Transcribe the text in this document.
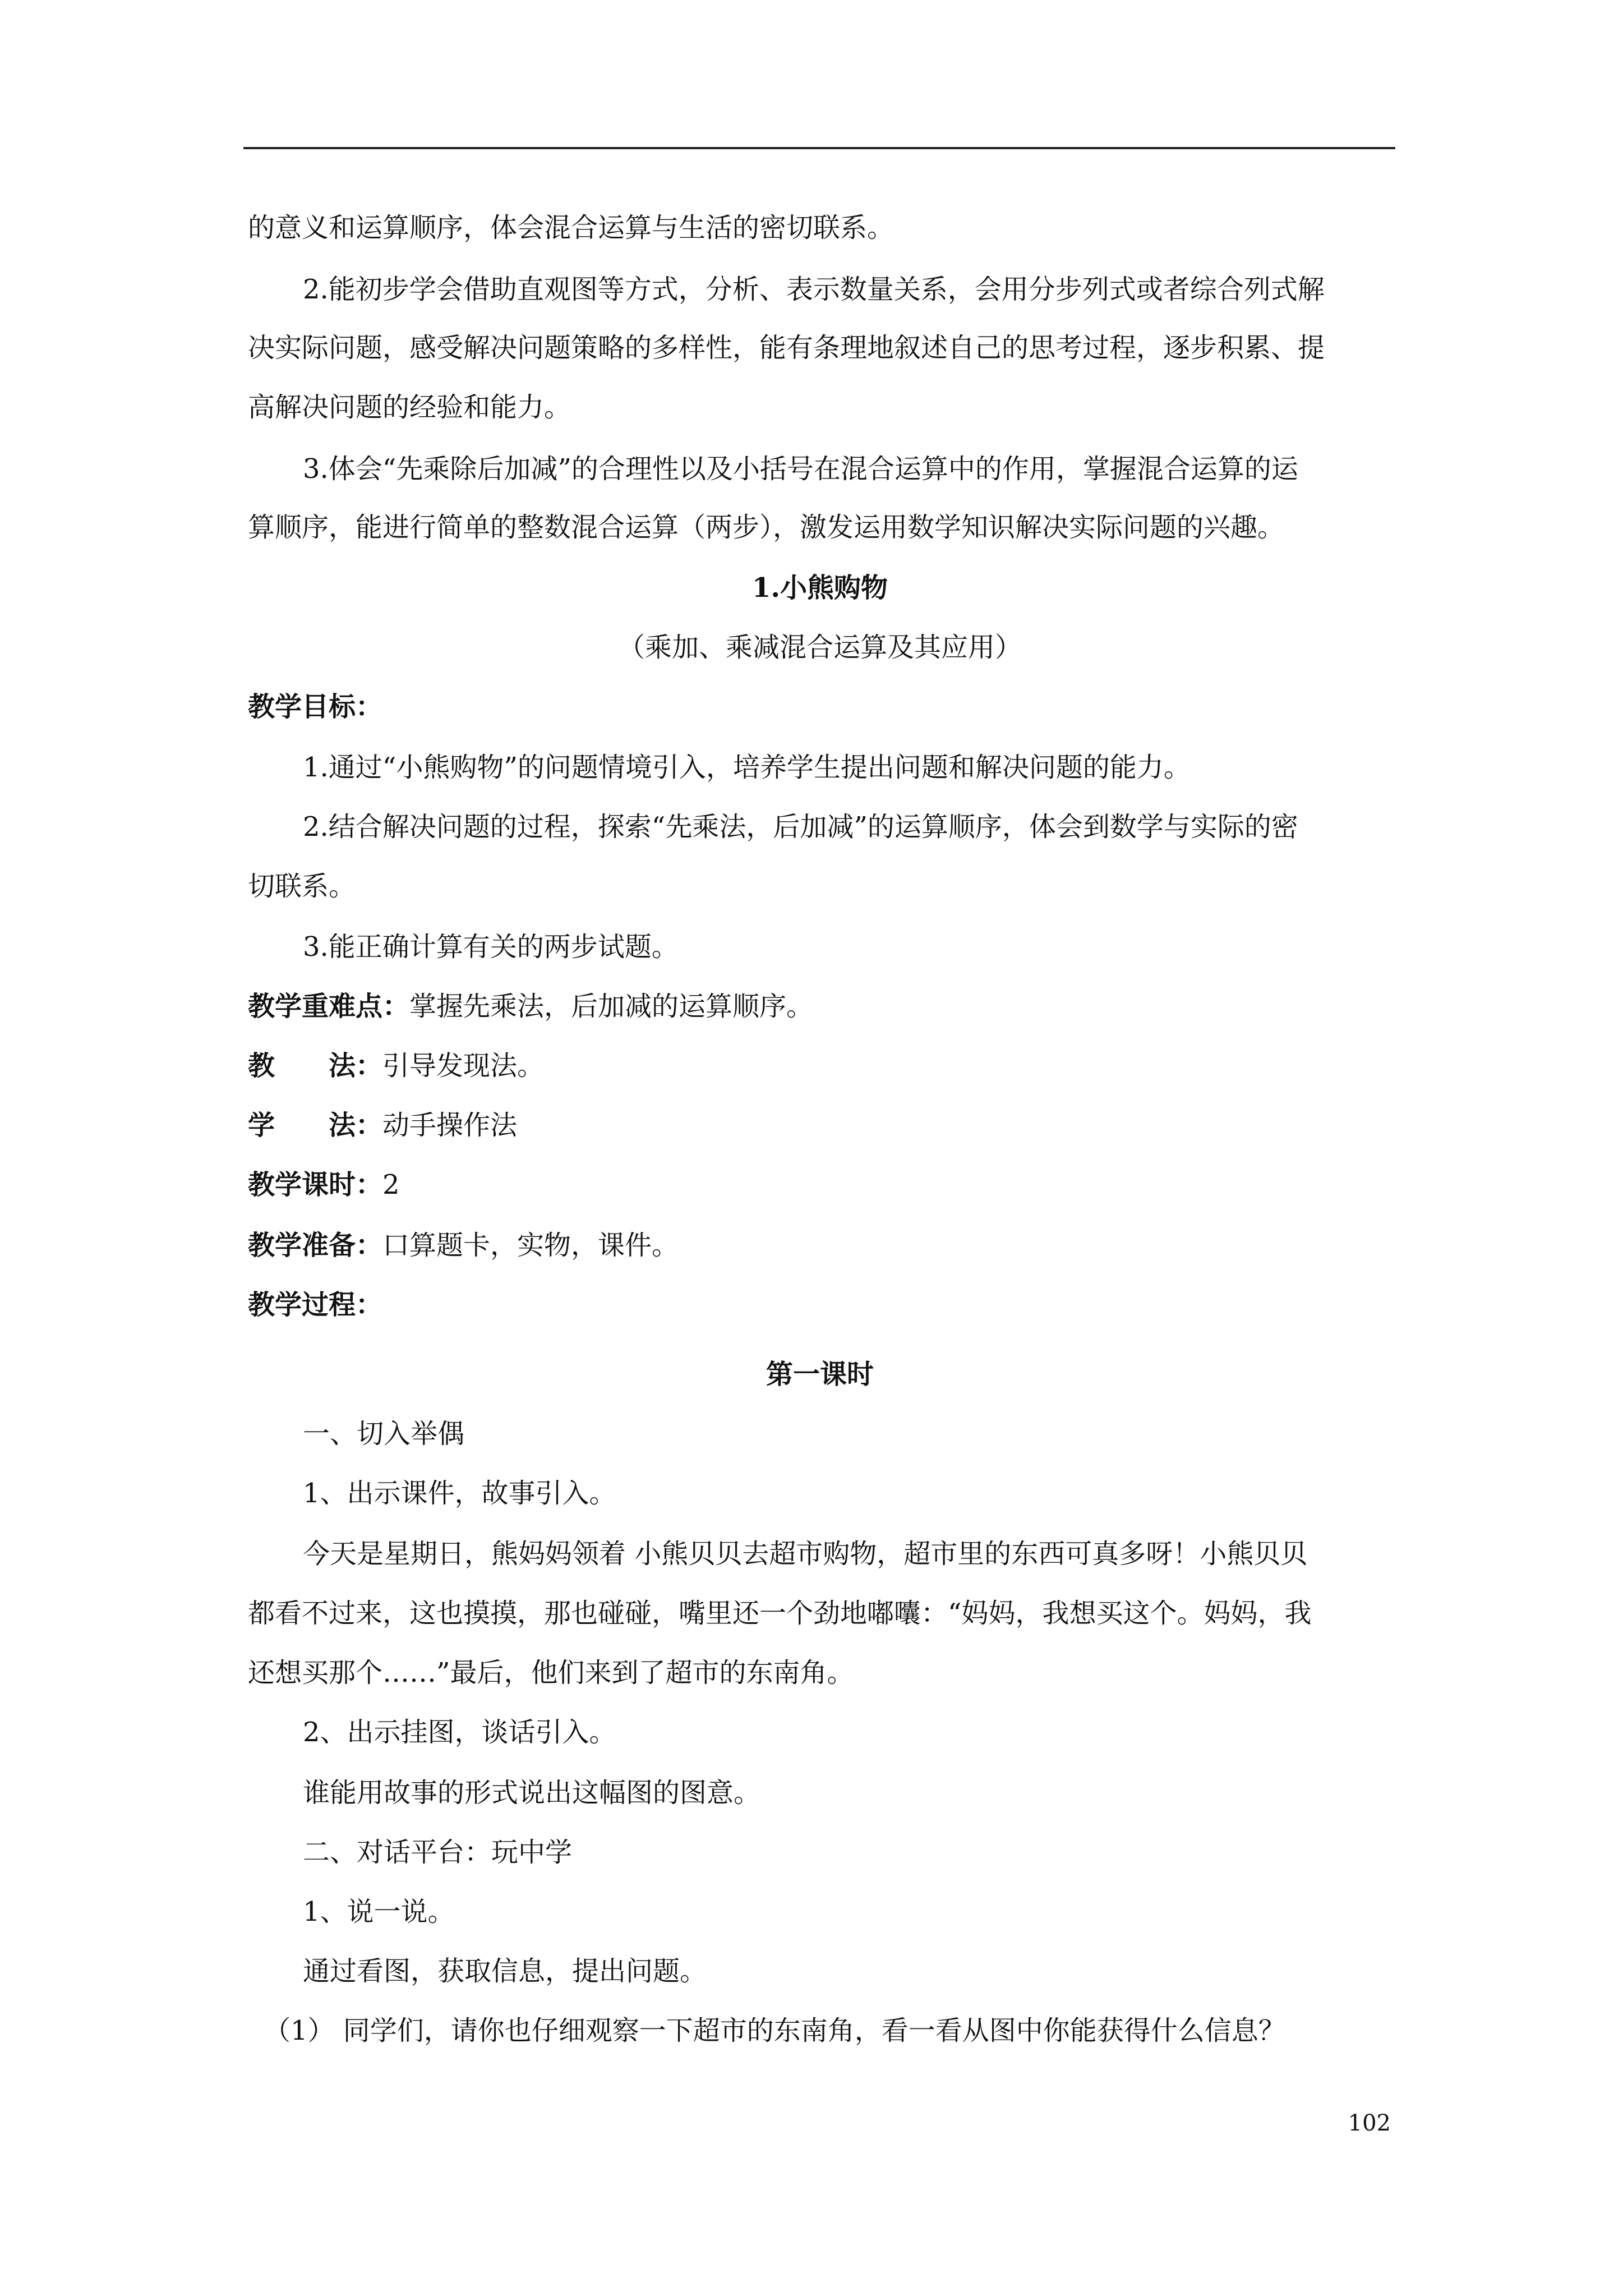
的意义和运算顺序，体会混合运算与生活的密切联系。
2.能初步学会借助直观图等方式，分析、表示数量关系，会用分步列式或者综合列式解
决实际问题，感受解决问题策略的多样性，能有条理地叙述自己的思考过程，逐步积累、提
高解决问题的经验和能力。
3.体会“先乘除后加减”的合理性以及小括号在混合运算中的作用，掌握混合运算的运
算顺序，能进行简单的整数混合运算（两步），激发运用数学知识解决实际问题的兴趣。
1.小熊购物
（乘加、乘减混合运算及其应用）
教学目标：
1.通过“小熊购物”的问题情境引入，培养学生提出问题和解决问题的能力。
2.结合解决问题的过程，探索“先乘法，后加减”的运算顺序，体会到数学与实际的密
切联系。
3.能正确计算有关的两步试题。
教学重难点：掌握先乘法，后加减的运算顺序。
教　　法：引导发现法。
学　　法：动手操作法
教学课时：2
教学准备：口算题卡，实物，课件。
教学过程：
第一课时
一、切入举偶
1、出示课件，故事引入。
今天是星期日，熊妈妈领着 小熊贝贝去超市购物，超市里的东西可真多呀！小熊贝贝
都看不过来，这也摸摸，那也碰碰，嘴里还一个劲地嘟囔：“妈妈，我想买这个。妈妈，我
还想买那个……”最后，他们来到了超市的东南角。
2、出示挂图，谈话引入。
谁能用故事的形式说出这幅图的图意。
二、对话平台：玩中学
1、说一说。
通过看图，获取信息，提出问题。
（1） 同学们，请你也仔细观察一下超市的东南角，看一看从图中你能获得什么信息？
102
